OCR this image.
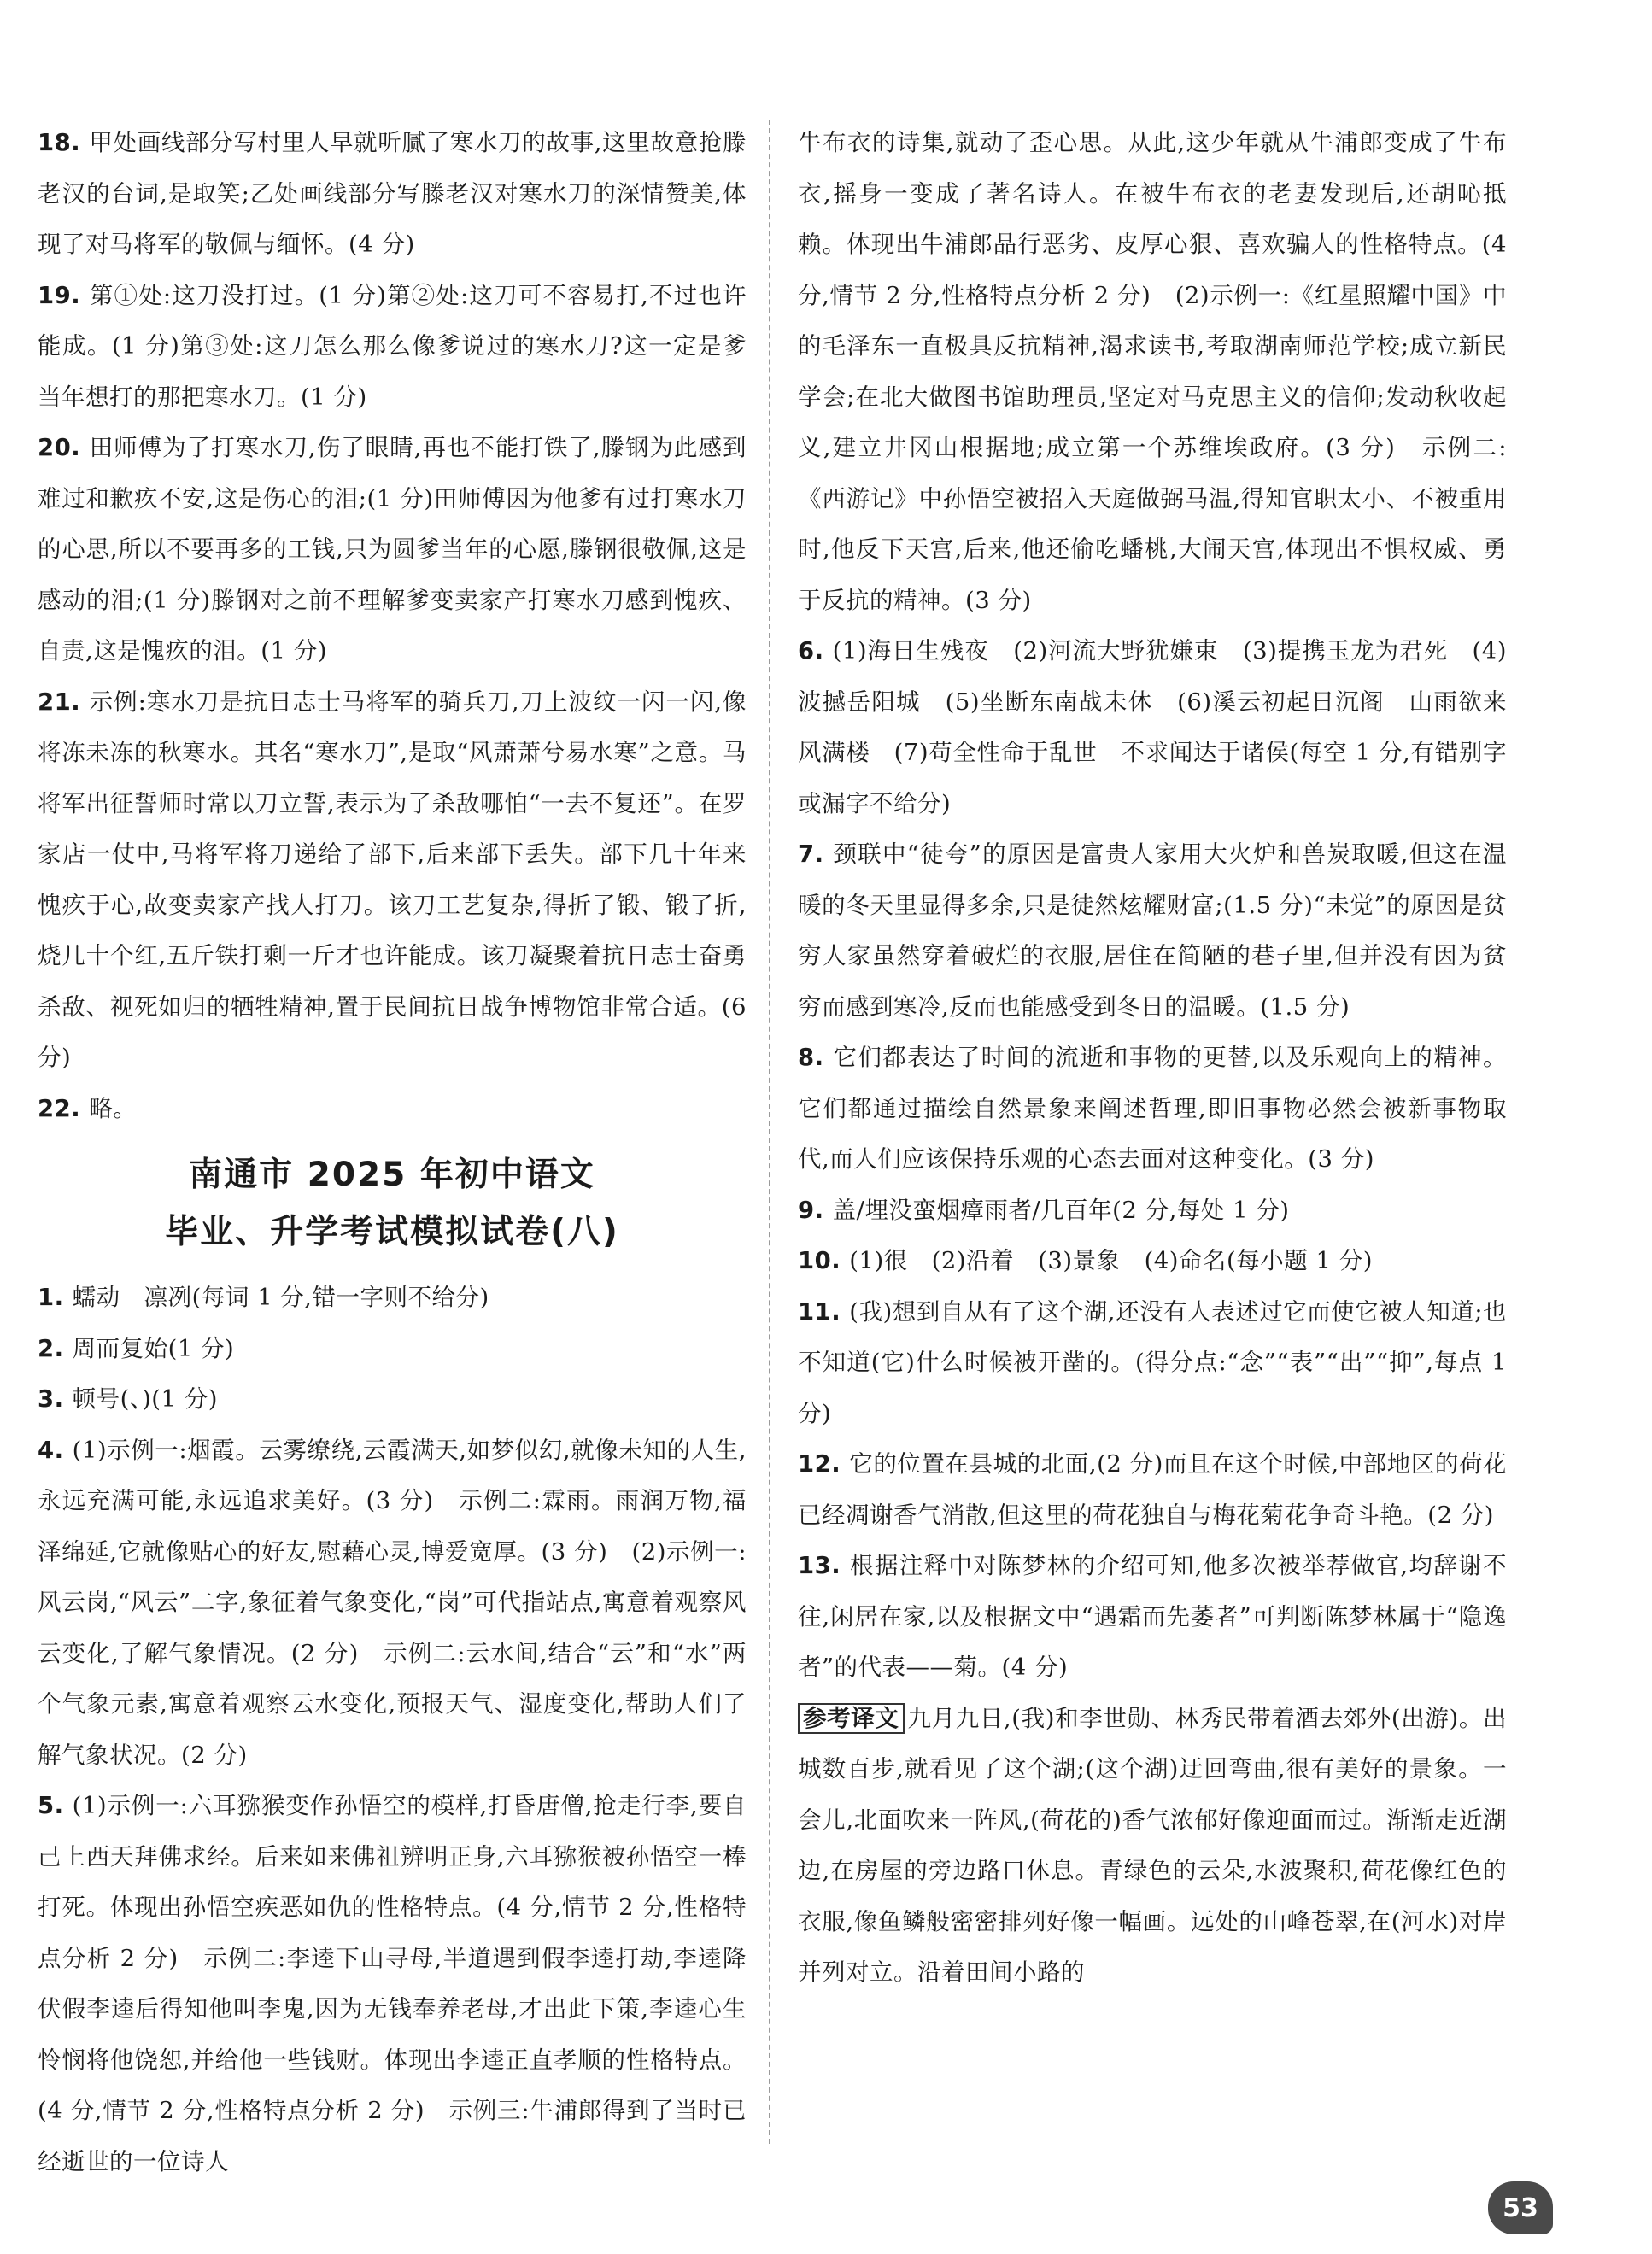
18. 甲处画线部分写村里人早就听腻了寒水刀的故事,这里故意抢滕老汉的台词,是取笑;乙处画线部分写滕老汉对寒水刀的深情赞美,体现了对马将军的敬佩与缅怀。(4 分)

19. 第①处:这刀没打过。(1 分)第②处:这刀可不容易打,不过也许能成。(1 分)第③处:这刀怎么那么像爹说过的寒水刀?这一定是爹当年想打的那把寒水刀。(1 分)

20. 田师傅为了打寒水刀,伤了眼睛,再也不能打铁了,滕钢为此感到难过和歉疚不安,这是伤心的泪;(1 分)田师傅因为他爹有过打寒水刀的心思,所以不要再多的工钱,只为圆爹当年的心愿,滕钢很敬佩,这是感动的泪;(1 分)滕钢对之前不理解爹变卖家产打寒水刀感到愧疚、自责,这是愧疚的泪。(1 分)

21. 示例:寒水刀是抗日志士马将军的骑兵刀,刀上波纹一闪一闪,像将冻未冻的秋寒水。其名“寒水刀”,是取“风萧萧兮易水寒”之意。马将军出征誓师时常以刀立誓,表示为了杀敌哪怕“一去不复还”。在罗家店一仗中,马将军将刀递给了部下,后来部下丢失。部下几十年来愧疚于心,故变卖家产找人打刀。该刀工艺复杂,得折了锻、锻了折,烧几十个红,五斤铁打剩一斤才也许能成。该刀凝聚着抗日志士奋勇杀敌、视死如归的牺牲精神,置于民间抗日战争博物馆非常合适。(6 分)

22. 略。

南通市 2025 年初中语文
毕业、升学考试模拟试卷(八)

1. 蠕动　凛冽(每词 1 分,错一字则不给分)

2. 周而复始(1 分)

3. 顿号(、)(1 分)

4. (1)示例一:烟霞。云雾缭绕,云霞满天,如梦似幻,就像未知的人生,永远充满可能,永远追求美好。(3 分)　示例二:霖雨。雨润万物,福泽绵延,它就像贴心的好友,慰藉心灵,博爱宽厚。(3 分)　(2)示例一:风云岗,“风云”二字,象征着气象变化,“岗”可代指站点,寓意着观察风云变化,了解气象情况。(2 分)　示例二:云水间,结合“云”和“水”两个气象元素,寓意着观察云水变化,预报天气、湿度变化,帮助人们了解气象状况。(2 分)

5. (1)示例一:六耳猕猴变作孙悟空的模样,打昏唐僧,抢走行李,要自己上西天拜佛求经。后来如来佛祖辨明正身,六耳猕猴被孙悟空一棒打死。体现出孙悟空疾恶如仇的性格特点。(4 分,情节 2 分,性格特点分析 2 分)　示例二:李逵下山寻母,半道遇到假李逵打劫,李逵降伏假李逵后得知他叫李鬼,因为无钱奉养老母,才出此下策,李逵心生怜悯将他饶恕,并给他一些钱财。体现出李逵正直孝顺的性格特点。(4 分,情节 2 分,性格特点分析 2 分)　示例三:牛浦郎得到了当时已经逝世的一位诗人

牛布衣的诗集,就动了歪心思。从此,这少年就从牛浦郎变成了牛布衣,摇身一变成了著名诗人。在被牛布衣的老妻发现后,还胡吣抵赖。体现出牛浦郎品行恶劣、皮厚心狠、喜欢骗人的性格特点。(4 分,情节 2 分,性格特点分析 2 分)　(2)示例一:《红星照耀中国》中的毛泽东一直极具反抗精神,渴求读书,考取湖南师范学校;成立新民学会;在北大做图书馆助理员,坚定对马克思主义的信仰;发动秋收起义,建立井冈山根据地;成立第一个苏维埃政府。(3 分)　示例二:《西游记》中孙悟空被招入天庭做弼马温,得知官职太小、不被重用时,他反下天宫,后来,他还偷吃蟠桃,大闹天宫,体现出不惧权威、勇于反抗的精神。(3 分)

6. (1)海日生残夜　(2)河流大野犹嫌束　(3)提携玉龙为君死　(4)波撼岳阳城　(5)坐断东南战未休　(6)溪云初起日沉阁　山雨欲来风满楼　(7)苟全性命于乱世　不求闻达于诸侯(每空 1 分,有错别字或漏字不给分)

7. 颈联中“徒夸”的原因是富贵人家用大火炉和兽炭取暖,但这在温暖的冬天里显得多余,只是徒然炫耀财富;(1.5 分)“未觉”的原因是贫穷人家虽然穿着破烂的衣服,居住在简陋的巷子里,但并没有因为贫穷而感到寒冷,反而也能感受到冬日的温暖。(1.5 分)

8. 它们都表达了时间的流逝和事物的更替,以及乐观向上的精神。它们都通过描绘自然景象来阐述哲理,即旧事物必然会被新事物取代,而人们应该保持乐观的心态去面对这种变化。(3 分)

9. 盖/埋没蛮烟瘴雨者/几百年(2 分,每处 1 分)

10. (1)很　(2)沿着　(3)景象　(4)命名(每小题 1 分)

11. (我)想到自从有了这个湖,还没有人表述过它而使它被人知道;也不知道(它)什么时候被开凿的。(得分点:“念”“表”“出”“抑”,每点 1 分)

12. 它的位置在县城的北面,(2 分)而且在这个时候,中部地区的荷花已经凋谢香气消散,但这里的荷花独自与梅花菊花争奇斗艳。(2 分)

13. 根据注释中对陈梦林的介绍可知,他多次被举荐做官,均辞谢不往,闲居在家,以及根据文中“遇霜而先萎者”可判断陈梦林属于“隐逸者”的代表——菊。(4 分)

参考译文 九月九日,(我)和李世勋、林秀民带着酒去郊外(出游)。出城数百步,就看见了这个湖;(这个湖)迂回弯曲,很有美好的景象。一会儿,北面吹来一阵风,(荷花的)香气浓郁好像迎面而过。渐渐走近湖边,在房屋的旁边路口休息。青绿色的云朵,水波聚积,荷花像红色的衣服,像鱼鳞般密密排列好像一幅画。远处的山峰苍翠,在(河水)对岸并列对立。沿着田间小路的

53
